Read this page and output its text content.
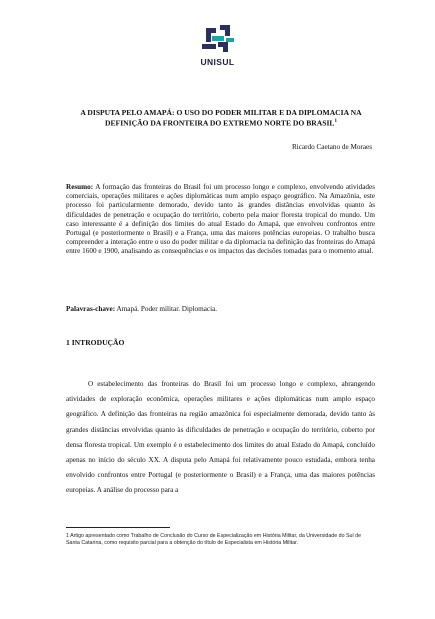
UNISUL
A DISPUTA PELO AMAPÁ: O USO DO PODER MILITAR E DA DIPLOMACIA NA DEFINIÇÃO DA FRONTEIRA DO EXTREMO NORTE DO BRASIL$^1$
Ricardo Caetano de Moraes
Resumo: A formação das fronteiras do Brasil foi um processo longo e complexo, envolvendo atividades comerciais, operações militares e ações diplomáticas num amplo espaço geográfico. Na Amazônia, este processo foi particularmente demorado, devido tanto às grandes distâncias envolvidas quanto às dificuldades de penetração e ocupação do território, coberto pela maior floresta tropical do mundo. Um caso interessante é a definição dos limites do atual Estado do Amapá, que envolveu confrontos entre Portugal (e posteriormente o Brasil) e a França, uma das maiores potências europeias. O trabalho busca compreender a interação entre o uso do poder militar e da diplomacia na definição das fronteiras do Amapá entre 1600 e 1900, analisando as consequências e os impactos das decisões tomadas para o momento atual.
Palavras-chave: Amapá. Poder militar. Diplomacia.
1 INTRODUÇÃO
O estabelecimento das fronteiras do Brasil foi um processo longo e complexo, abrangendo atividades de exploração econômica, operações militares e ações diplomáticas num amplo espaço geográfico. A definição das fronteiras na região amazônica foi especialmente demorada, devido tanto às grandes distâncias envolvidas quanto às dificuldades de penetração e ocupação do território, coberto por densa floresta tropical. Um exemplo é o estabelecimento dos limites do atual Estado do Amapá, concluído apenas no início do século XX. A disputa pelo Amapá foi relativamente pouco estudada, embora tenha envolvido confrontos entre Portugal (e posteriormente o Brasil) e a França, uma das maiores potências europeias. A análise do processo para a
1 Artigo apresentado como Trabalho de Conclusão do Curso de Especialização em História Militar, da Universidade do Sul de Santa Catarina, como requisito parcial para a obtenção do título de Especialista em História Militar.
